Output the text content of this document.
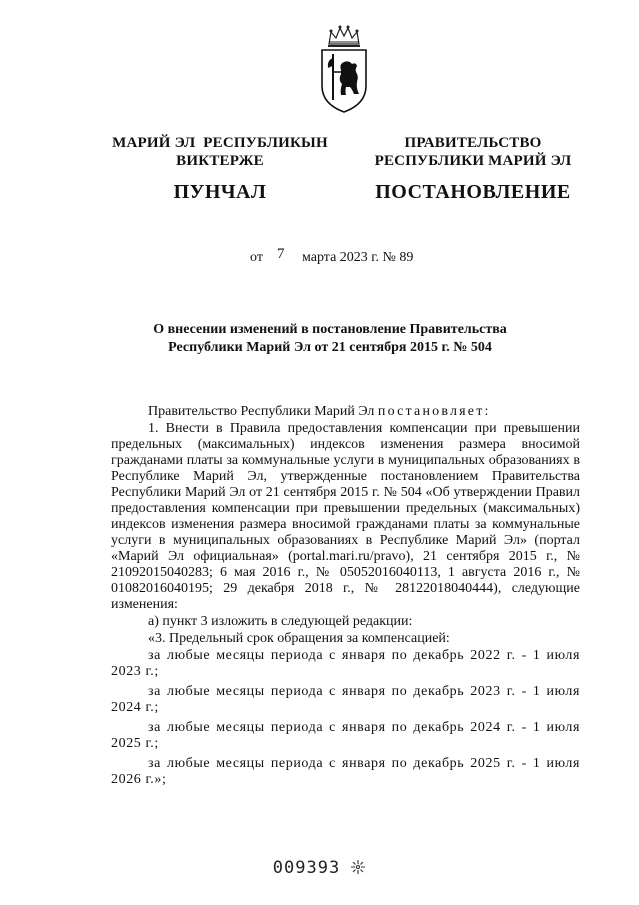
МАРИЙ ЭЛ  РЕСПУБЛИКЫН
ВИКТЕРЖЕ
ПУНЧАЛ
ПРАВИТЕЛЬСТВО
РЕСПУБЛИКИ МАРИЙ ЭЛ
ПОСТАНОВЛЕНИЕ
от 7 марта 2023 г. № 89
О внесении изменений в постановление Правительства
Республики Марий Эл от 21 сентября 2015 г. № 504

Правительство Республики Марий Эл постановляет:

1. Внести в Правила предоставления компенсации при превышении предельных (максимальных) индексов изменения размера вносимой гражданами платы за коммунальные услуги в муниципальных образованиях в Республике Марий Эл, утвержденные постановлением Правительства Республики Марий Эл от 21 сентября 2015 г. № 504 «Об утверждении Правил предоставления компенсации при превышении предельных (максимальных) индексов изменения размера вносимой гражданами платы за коммунальные услуги в муниципальных образованиях в Республике Марий Эл» (портал «Марий Эл официальная» (portal.mari.ru/pravo), 21 сентября 2015 г., № 21092015040283; 6 мая 2016 г., № 05052016040113, 1 августа 2016 г., № 01082016040195; 29 декабря 2018 г., № 28122018040444), следующие изменения:

а) пункт 3 изложить в следующей редакции:

«3. Предельный срок обращения за компенсацией:

за любые месяцы периода с января по декабрь 2022 г. - 1 июля 2023 г.;

за любые месяцы периода с января по декабрь 2023 г. - 1 июля 2024 г.;

за любые месяцы периода с января по декабрь 2024 г. - 1 июля 2025 г.;

за любые месяцы периода с января по декабрь 2025 г. - 1 июля 2026 г.»;

009393
